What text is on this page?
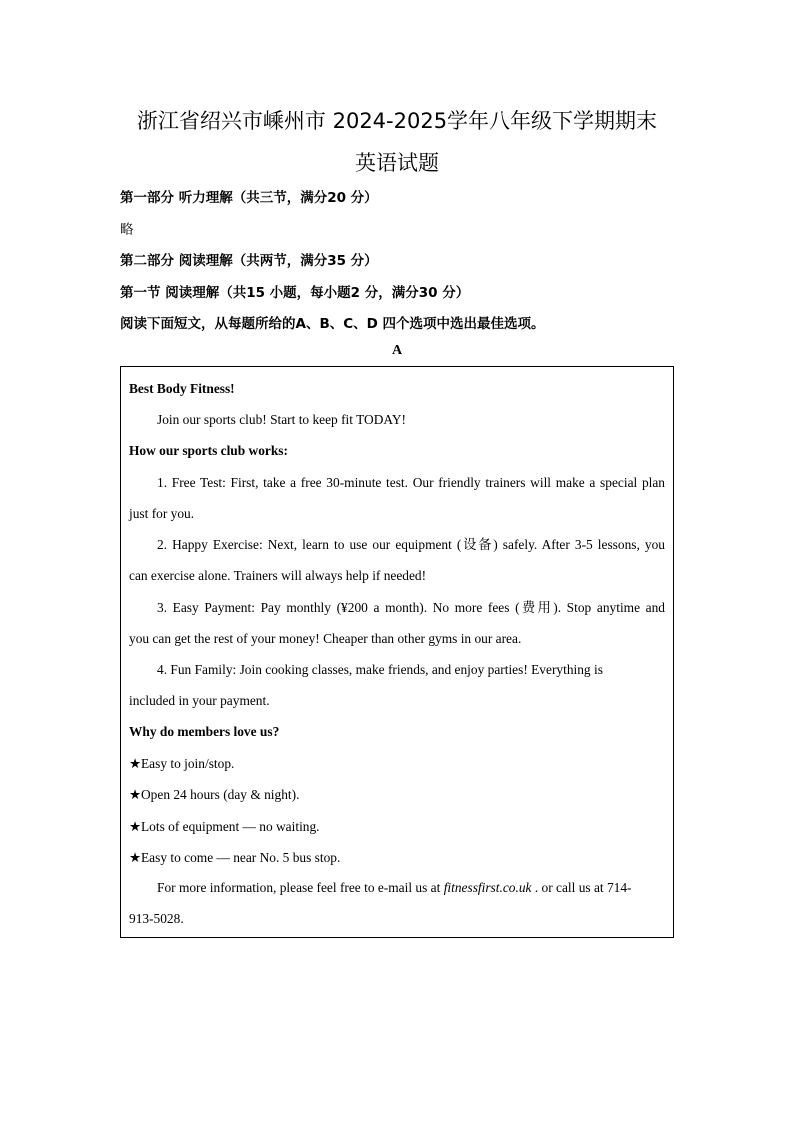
浙江省绍兴市嵊州市 2024-2025学年八年级下学期期末
英语试题
第一部分 听力理解（共三节，满分20 分）
略
第二部分 阅读理解（共两节，满分35 分）
第一节 阅读理解（共15 小题，每小题2 分，满分30 分）
阅读下面短文，从每题所给的A、B、C、D 四个选项中选出最佳选项。
A
Best Body Fitness!
Join our sports club! Start to keep fit TODAY!
How our sports club works:
1. Free Test: First, take a free 30-minute test. Our friendly trainers will make a special plan
just for you.
2. Happy Exercise: Next, learn to use our equipment (设备) safely. After 3-5 lessons, you
can exercise alone. Trainers will always help if needed!
3. Easy Payment: Pay monthly (¥200 a month). No more fees (费用). Stop anytime and
you can get the rest of your money! Cheaper than other gyms in our area.
4. Fun Family: Join cooking classes, make friends, and enjoy parties! Everything is
included in your payment.
Why do members love us?
★Easy to join/stop.
★Open 24 hours (day & night).
★Lots of equipment — no waiting.
★Easy to come — near No. 5 bus stop.
For more information, please feel free to e-mail us at fitnessfirst.co.uk . or call us at 714-
913-5028.
